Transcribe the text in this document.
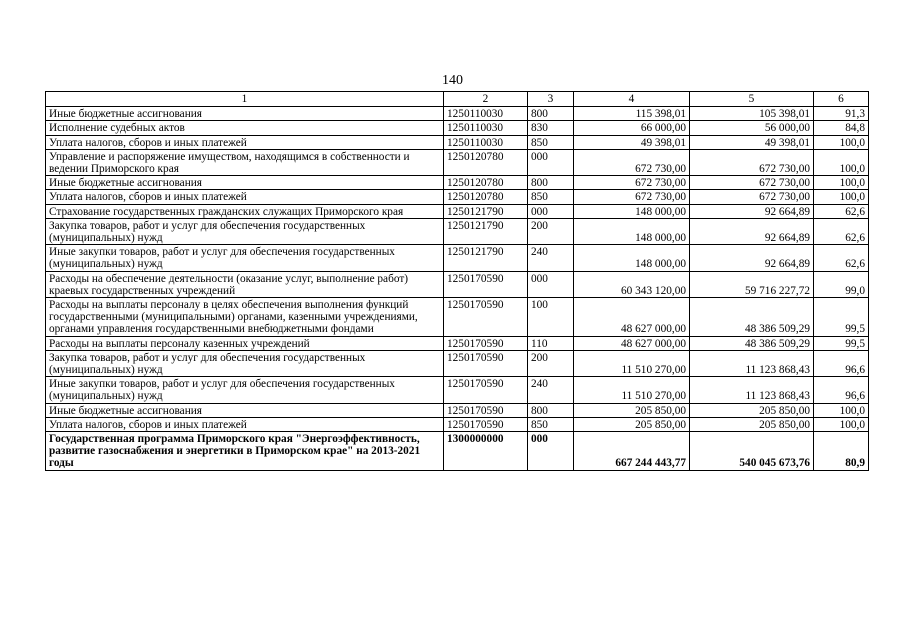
140
1	2	3	4	5	6
Иные бюджетные ассигнования	1250110030	800	115 398,01	105 398,01	91,3
Исполнение судебных актов	1250110030	830	66 000,00	56 000,00	84,8
Уплата налогов, сборов и иных платежей	1250110030	850	49 398,01	49 398,01	100,0
Управление и распоряжение имуществом, находящимся в собственности и ведении Приморского края	1250120780	000	672 730,00	672 730,00	100,0
Иные бюджетные ассигнования	1250120780	800	672 730,00	672 730,00	100,0
Уплата налогов, сборов и иных платежей	1250120780	850	672 730,00	672 730,00	100,0
Страхование государственных гражданских служащих Приморского края	1250121790	000	148 000,00	92 664,89	62,6
Закупка товаров, работ и услуг для обеспечения государственных (муниципальных) нужд	1250121790	200	148 000,00	92 664,89	62,6
Иные закупки товаров, работ и услуг для обеспечения государственных (муниципальных) нужд	1250121790	240	148 000,00	92 664,89	62,6
Расходы на обеспечение деятельности (оказание услуг, выполнение работ) краевых государственных учреждений	1250170590	000	60 343 120,00	59 716 227,72	99,0
Расходы на выплаты персоналу в целях обеспечения выполнения функций государственными (муниципальными) органами, казенными учреждениями, органами управления государственными внебюджетными фондами	1250170590	100	48 627 000,00	48 386 509,29	99,5
Расходы на выплаты персоналу казенных учреждений	1250170590	110	48 627 000,00	48 386 509,29	99,5
Закупка товаров, работ и услуг для обеспечения государственных (муниципальных) нужд	1250170590	200	11 510 270,00	11 123 868,43	96,6
Иные закупки товаров, работ и услуг для обеспечения государственных (муниципальных) нужд	1250170590	240	11 510 270,00	11 123 868,43	96,6
Иные бюджетные ассигнования	1250170590	800	205 850,00	205 850,00	100,0
Уплата налогов, сборов и иных платежей	1250170590	850	205 850,00	205 850,00	100,0
Государственная программа Приморского края "Энергоэффективность, развитие газоснабжения и энергетики в Приморском крае" на 2013-2021 годы	1300000000	000	667 244 443,77	540 045 673,76	80,9
